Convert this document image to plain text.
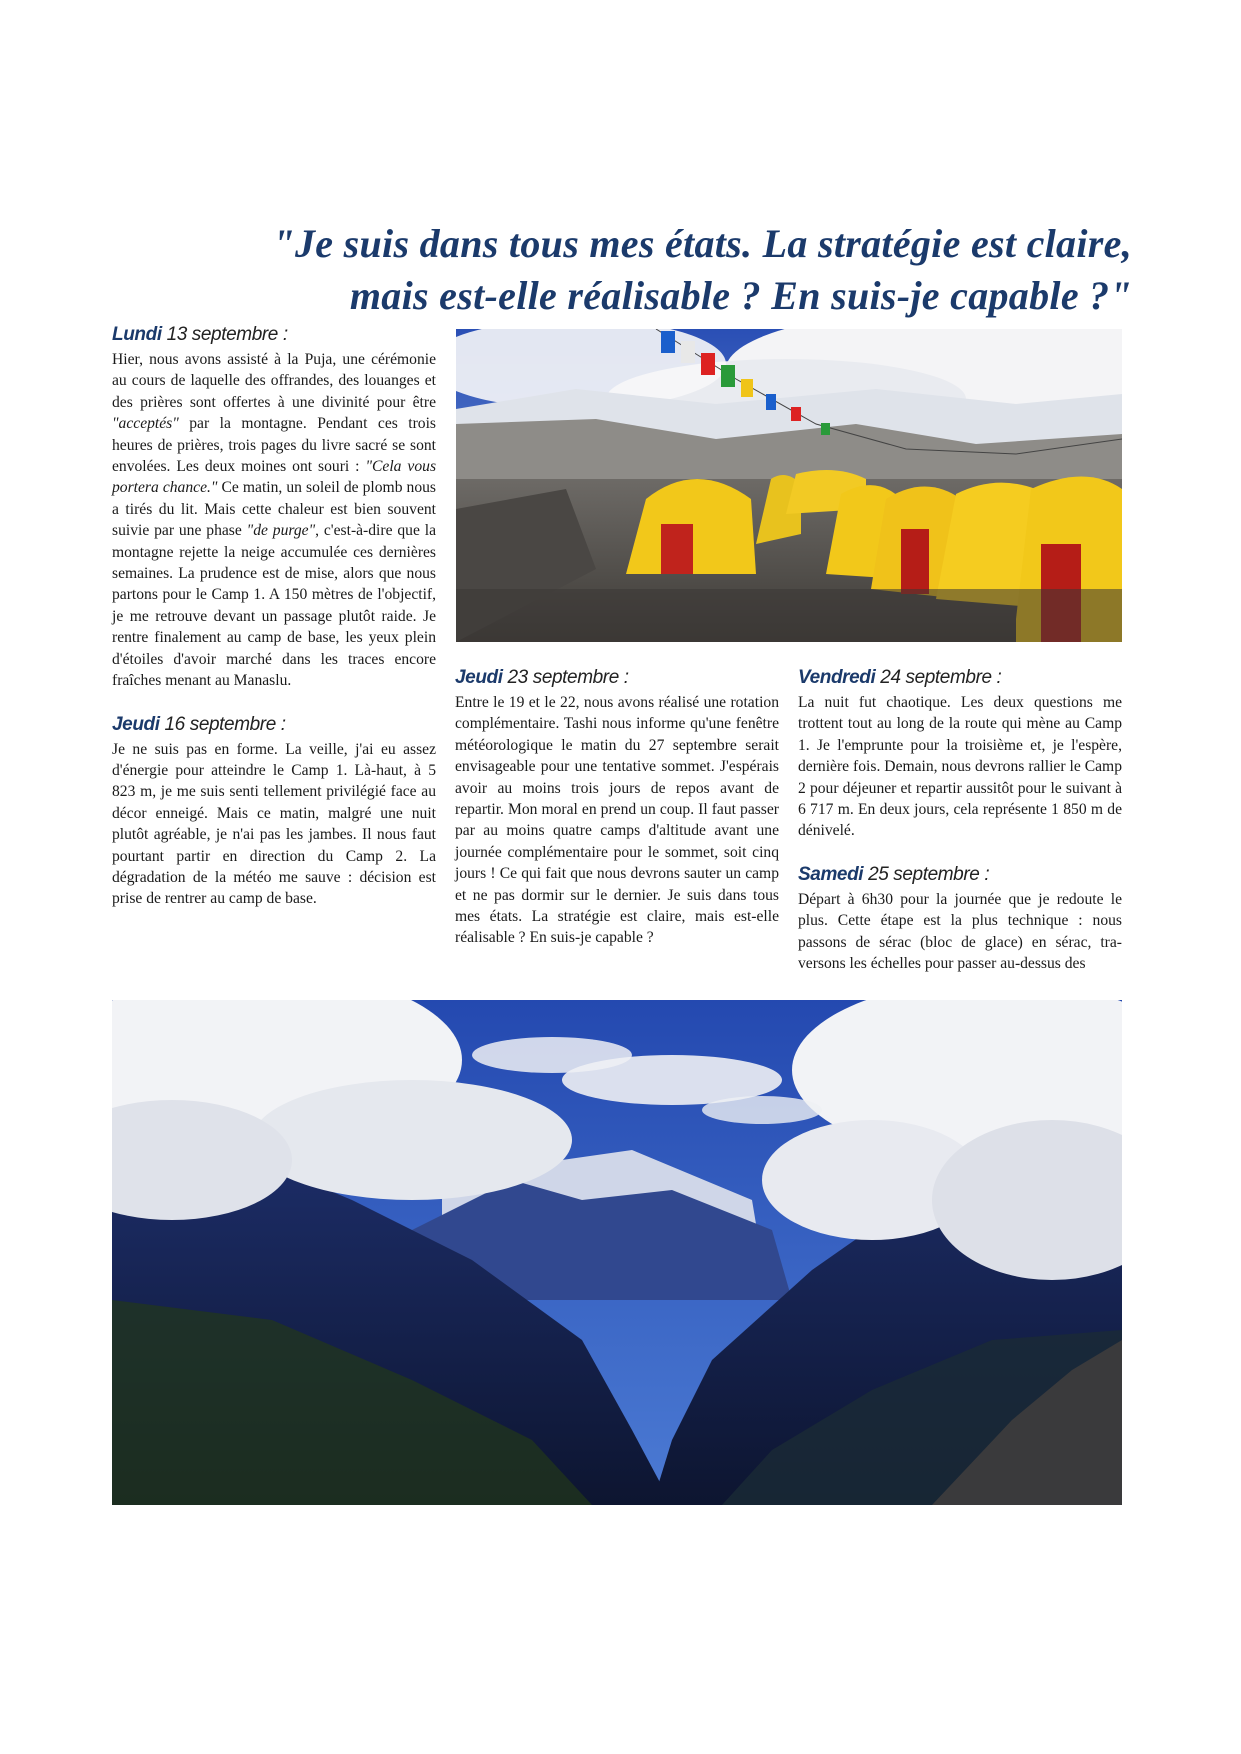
"Je suis dans tous mes états. La stratégie est claire,
mais est-elle réalisable ? En suis-je capable ?"
Lundi 13 septembre :

Hier, nous avons assisté à la Puja, une cérémonie au cours de laquelle des offrandes, des louanges et des prières sont offertes à une divinité pour être "acceptés" par la montagne. Pendant ces trois heures de prières, trois pages du livre sacré se sont envolées. Les deux moines ont souri : "Cela vous portera chance." Ce matin, un soleil de plomb nous a tirés du lit. Mais cette chaleur est bien souvent suivie par une phase "de purge", c'est-à-dire que la montagne rejette la neige accumulée ces dernières semaines. La prudence est de mise, alors que nous partons pour le Camp 1. A 150 mètres de l'objectif, je me retrouve devant un passage plutôt raide. Je rentre finalement au camp de base, les yeux plein d'étoiles d'avoir marché dans les traces encore fraîches menant au Manaslu.

Jeudi 16 septembre :

Je ne suis pas en forme. La veille, j'ai eu assez d'énergie pour atteindre le Camp 1. Là-haut, à 5 823 m, je me suis senti tellement privilégié face au décor enneigé. Mais ce matin, malgré une nuit plutôt agréable, je n'ai pas les jambes. Il nous faut pourtant partir en direction du Camp 2. La dégradation de la météo me sauve : décision est prise de rentrer au camp de base.

Jeudi 23 septembre :

Entre le 19 et le 22, nous avons réalisé une rotation complémentaire. Tashi nous informe qu'une fenêtre météorologique le matin du 27 septembre serait envisageable pour une tentative sommet. J'espérais avoir au moins trois jours de repos avant de repartir. Mon moral en prend un coup. Il faut passer par au moins quatre camps d'altitude avant une journée complémentaire pour le sommet, soit cinq jours ! Ce qui fait que nous devrons sauter un camp et ne pas dormir sur le dernier. Je suis dans tous mes états. La stratégie est claire, mais est-elle réalisable ? En suis-je capable ?

Vendredi 24 septembre :

La nuit fut chaotique. Les deux questions me trottent tout au long de la route qui mène au Camp 1. Je l'emprunte pour la troisième et, je l'espère, dernière fois. Demain, nous devrons rallier le Camp 2 pour déjeuner et repartir aussitôt pour le suivant à 6 717 m. En deux jours, cela représente 1 850 m de dénivelé.

Samedi 25 septembre :

Départ à 6h30 pour la journée que je redoute le plus. Cette étape est la plus technique : nous passons de sérac (bloc de glace) en sérac, traversons les échelles pour passer au-dessus des
